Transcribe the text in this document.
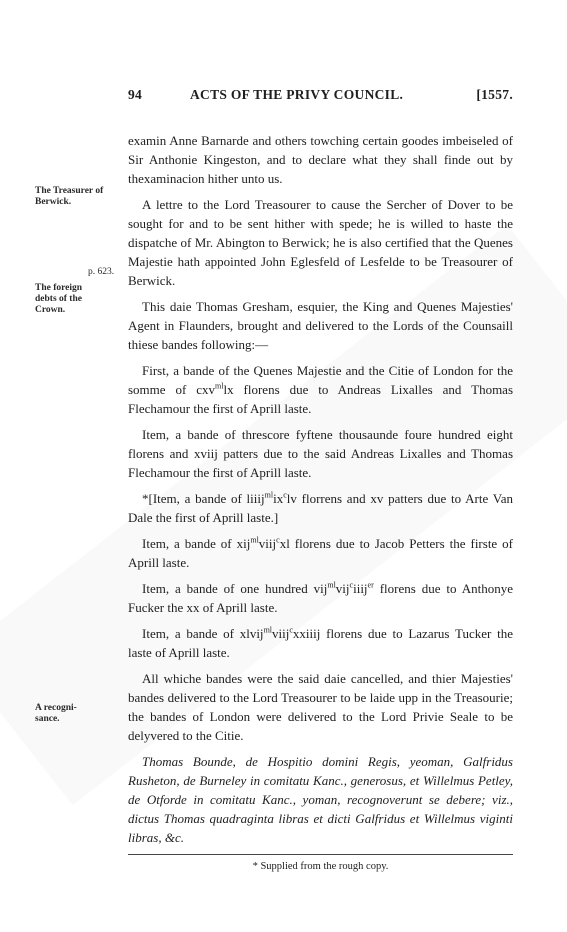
94	ACTS OF THE PRIVY COUNCIL.	[1557.
The Treasurer of Berwick.
p. 623.
The foreign debts of the Crown.
A recogni- sance.

examin Anne Barnarde and others towching certain goodes imbeiseled of Sir Anthonie Kingeston, and to declare what they shall finde out by thexaminacion hither unto us.

A lettre to the Lord Treasourer to cause the Sercher of Dover to be sought for and to be sent hither with spede; he is willed to haste the dispatche of Mr. Abington to Berwick; he is also certified that the Quenes Majestie hath appointed John Eglesfeld of Lesfelde to be Treasourer of Berwick.

This daie Thomas Gresham, esquier, the King and Quenes Majesties' Agent in Flaunders, brought and delivered to the Lords of the Counsaill thiese bandes following:—

First, a bande of the Quenes Majestie and the Citie of London for the somme of cxv$^{ml}$lx florens due to Andreas Lixalles and Thomas Flechamour the first of Aprill laste.

Item, a bande of threscore fyftene thousaunde foure hundred eight florens and xviij patters due to the said Andreas Lixalles and Thomas Flechamour the first of Aprill laste.

*[Item, a bande of $liiij^{ml}ix^clv$ florrens and xv patters due to Arte Van Dale the first of Aprill laste.]

Item, a bande of xij$^{ml}$viij$^c$xl florens due to Jacob Petters the firste of Aprill laste.

Item, a bande of one hundred vij$^{ml}$vij$^c$iiij$^{er}$ florens due to Anthonye Fucker the xx of Aprill laste.

Item, a bande of xlvij$^{ml}$viij$^c$xxiiij florens due to Lazarus Tucker the laste of Aprill laste.

All whiche bandes were the said daie cancelled, and thier Majesties' bandes delivered to the Lord Treasourer to be laide upp in the Treasourie; the bandes of London were delivered to the Lord Privie Seale to be delyvered to the Citie.

Thomas Bounde, de Hospitio domini Regis, yeoman, Galfridus Rusheton, de Burneley in comitatu Kanc., generosus, et Willelmus Petley, de Otforde in comitatu Kanc., yoman, recognoverunt se debere; viz., dictus Thomas quadraginta libras et dicti Galfridus et Willelmus viginti libras, &c.

* Supplied from the rough copy.
